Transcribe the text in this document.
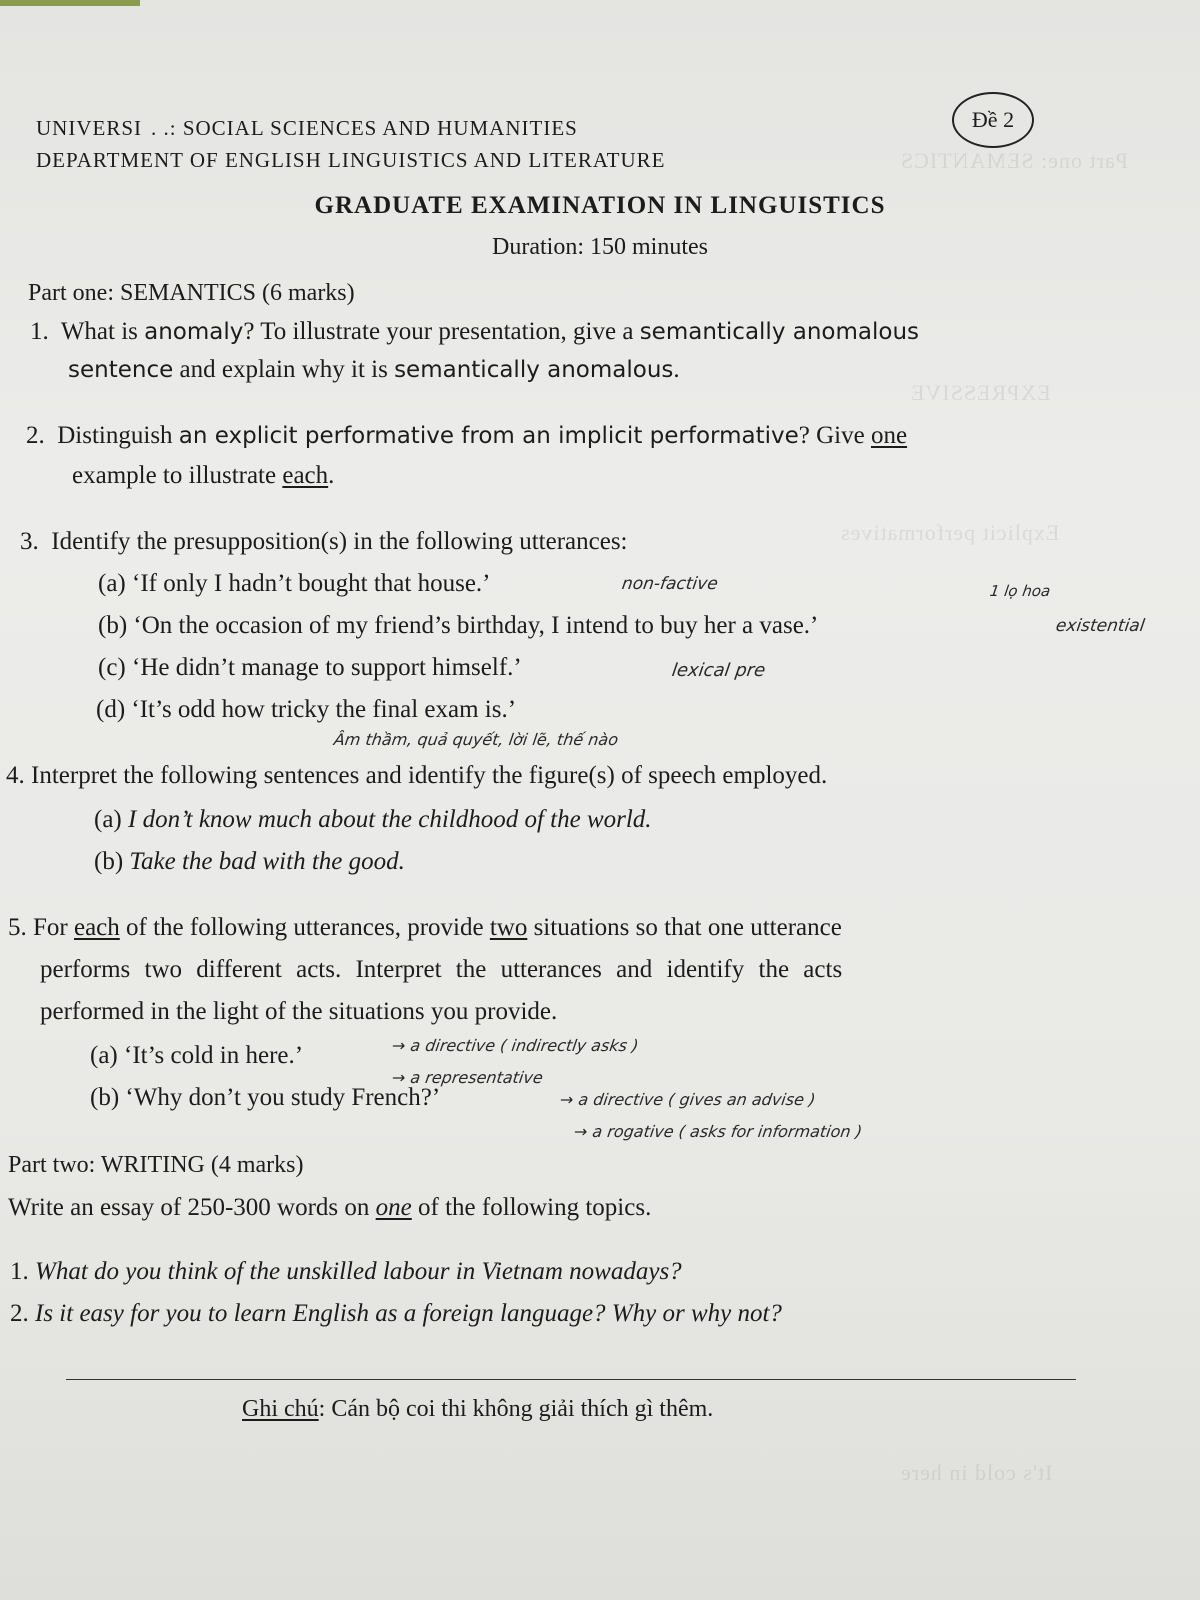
Part one: SEMANTICS
EXPRESSIVE
Explicit performatives
It's cold in here
UNIVERSI  . .: SOCIAL SCIENCES AND HUMANITIES
DEPARTMENT OF ENGLISH LINGUISTICS AND LITERATURE
Đề 2
GRADUATE EXAMINATION IN LINGUISTICS
Duration: 150 minutes
Part one: SEMANTICS (6 marks)
1. What is anomaly? To illustrate your presentation, give a semantically anomalous
sentence and explain why it is semantically anomalous.
2. Distinguish an explicit performative from an implicit performative? Give one
example to illustrate each.
3. Identify the presupposition(s) in the following utterances:
(a) ‘If only I hadn’t bought that house.’
(b) ‘On the occasion of my friend’s birthday, I intend to buy her a vase.’
(c) ‘He didn’t manage to support himself.’
(d) ‘It’s odd how tricky the final exam is.’
4. Interpret the following sentences and identify the figure(s) of speech employed.
(a) I don’t know much about the childhood of the world.
(b) Take the bad with the good.
5. For each of the following utterances, provide two situations so that one utterance
performs two different acts. Interpret the utterances and identify the acts
performed in the light of the situations you provide.
(a) ‘It’s cold in here.’
(b) ‘Why don’t you study French?’
Part two: WRITING (4 marks)
Write an essay of 250-300 words on one of the following topics.
1. What do you think of the unskilled labour in Vietnam nowadays?
2. Is it easy for you to learn English as a foreign language? Why or why not?
Ghi chú: Cán bộ coi thi không giải thích gì thêm.
non-factive	1 lọ hoa
existential
lexical pre
Âm thầm, quả quyết, lời lẽ, thế nào
→ a directive ( indirectly asks )
→ a representative
→ a directive ( gives an advise )
→ a rogative ( asks for information )
